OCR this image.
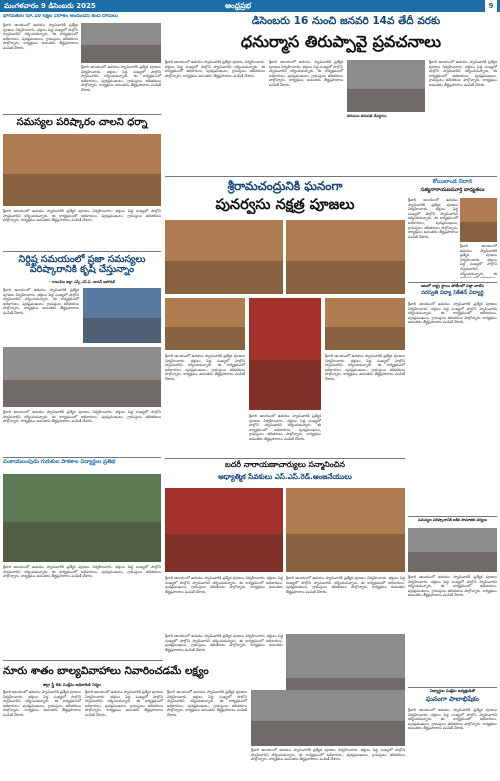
మంగళవారం 9 డిసెంబరు 2025	ఆంధ్రప్రభ	9
భాగవతుల రూ.10 లక్షల విరాళం అందించిన కంచి దాసులు
శ్రీవారి ఆలయంలో ఉదయం స్వామివారికి ప్రత్యేక పూజలు నిర్వహించారు. భక్తులు పెద్ద సంఖ్యలో పాల్గొని స్వామివారిని దర్శించుకున్నారు. ఈ కార్యక్రమంలో అధికారులు, పురప్రముఖులు, గ్రామస్తులు తదితరులు పాల్గొన్నారు. కార్యక్రమం అనంతరం తీర్థప్రసాదాలు పంపిణీ చేశారు.
శ్రీవారి ఆలయంలో ఉదయం స్వామివారికి ప్రత్యేక పూజలు నిర్వహించారు. భక్తులు పెద్ద సంఖ్యలో పాల్గొని స్వామివారిని దర్శించుకున్నారు. ఈ కార్యక్రమంలో అధికారులు, పురప్రముఖులు, గ్రామస్తులు తదితరులు పాల్గొన్నారు. కార్యక్రమం అనంతరం తీర్థప్రసాదాలు పంపిణీ చేశారు.
సమస్యల పరిష్కారం చాలని ధర్నా
శ్రీవారి ఆలయంలో ఉదయం స్వామివారికి ప్రత్యేక పూజలు నిర్వహించారు. భక్తులు పెద్ద సంఖ్యలో పాల్గొని స్వామివారిని దర్శించుకున్నారు. ఈ కార్యక్రమంలో అధికారులు, పురప్రముఖులు, గ్రామస్తులు తదితరులు పాల్గొన్నారు. కార్యక్రమం అనంతరం తీర్థప్రసాదాలు పంపిణీ చేశారు.
నిర్దిష్ట సమయంలో ప్రజా సమస్యలు పరిష్కారానికి కృషి చేస్తున్నాం
- రాజంపేట జిల్లా ఎస్పీ ఎస్.వి. జాదవ్ ఆపోదిబ్
శ్రీవారి ఆలయంలో ఉదయం స్వామివారికి ప్రత్యేక పూజలు నిర్వహించారు. భక్తులు పెద్ద సంఖ్యలో పాల్గొని స్వామివారిని దర్శించుకున్నారు. ఈ కార్యక్రమంలో అధికారులు, పురప్రముఖులు, గ్రామస్తులు తదితరులు పాల్గొన్నారు. కార్యక్రమం అనంతరం తీర్థప్రసాదాలు పంపిణీ చేశారు.
శ్రీవారి ఆలయంలో ఉదయం స్వామివారికి ప్రత్యేక పూజలు నిర్వహించారు. భక్తులు పెద్ద సంఖ్యలో పాల్గొని స్వామివారిని దర్శించుకున్నారు. ఈ కార్యక్రమంలో అధికారులు, పురప్రముఖులు, గ్రామస్తులు తదితరులు పాల్గొన్నారు. కార్యక్రమం అనంతరం తీర్థప్రసాదాలు పంపిణీ చేశారు.
వంకాయలంపుడు గురుకుల పాఠశాల విద్యార్థుల ప్రతిభ
శ్రీవారి ఆలయంలో ఉదయం స్వామివారికి ప్రత్యేక పూజలు నిర్వహించారు. భక్తులు పెద్ద సంఖ్యలో పాల్గొని స్వామివారిని దర్శించుకున్నారు. ఈ కార్యక్రమంలో అధికారులు, పురప్రముఖులు, గ్రామస్తులు తదితరులు పాల్గొన్నారు. కార్యక్రమం అనంతరం తీర్థప్రసాదాలు పంపిణీ చేశారు.
డిసెంబరు 16 నుంచి జనవరి 14వ తేదీ వరకు
ధనుర్మాస తిరుప్పావై ప్రవచనాలు
శ్రీవారి ఆలయంలో ఉదయం స్వామివారికి ప్రత్యేక పూజలు నిర్వహించారు. భక్తులు పెద్ద సంఖ్యలో పాల్గొని స్వామివారిని దర్శించుకున్నారు. ఈ కార్యక్రమంలో అధికారులు, పురప్రముఖులు, గ్రామస్తులు తదితరులు పాల్గొన్నారు. కార్యక్రమం అనంతరం తీర్థప్రసాదాలు పంపిణీ చేశారు.
శ్రీవారి ఆలయంలో ఉదయం స్వామివారికి ప్రత్యేక పూజలు నిర్వహించారు. భక్తులు పెద్ద సంఖ్యలో పాల్గొని స్వామివారిని దర్శించుకున్నారు. ఈ కార్యక్రమంలో అధికారులు, పురప్రముఖులు, గ్రామస్తులు తదితరులు పాల్గొన్నారు. కార్యక్రమం అనంతరం తీర్థప్రసాదాలు పంపిణీ చేశారు.
తిరుమల తిరుపతి దేవస్థానం
శ్రీవారి ఆలయంలో ఉదయం స్వామివారికి ప్రత్యేక పూజలు నిర్వహించారు. భక్తులు పెద్ద సంఖ్యలో పాల్గొని స్వామివారిని దర్శించుకున్నారు. ఈ కార్యక్రమంలో అధికారులు, పురప్రముఖులు, గ్రామస్తులు తదితరులు పాల్గొన్నారు. కార్యక్రమం అనంతరం తీర్థప్రసాదాలు పంపిణీ చేశారు.
శ్రీరామచంద్రునికి ఘనంగా
పునర్వసు నక్షత్ర పూజలు
శ్రీవారి ఆలయంలో ఉదయం స్వామివారికి ప్రత్యేక పూజలు నిర్వహించారు. భక్తులు పెద్ద సంఖ్యలో పాల్గొని స్వామివారిని దర్శించుకున్నారు. ఈ కార్యక్రమంలో అధికారులు, పురప్రముఖులు, గ్రామస్తులు తదితరులు పాల్గొన్నారు. కార్యక్రమం అనంతరం తీర్థప్రసాదాలు పంపిణీ చేశారు.
శ్రీవారి ఆలయంలో ఉదయం స్వామివారికి ప్రత్యేక పూజలు నిర్వహించారు. భక్తులు పెద్ద సంఖ్యలో పాల్గొని స్వామివారిని దర్శించుకున్నారు. ఈ కార్యక్రమంలో అధికారులు, పురప్రముఖులు, గ్రామస్తులు తదితరులు పాల్గొన్నారు. కార్యక్రమం అనంతరం తీర్థప్రసాదాలు పంపిణీ చేశారు.
శ్రీవారి ఆలయంలో ఉదయం స్వామివారికి ప్రత్యేక పూజలు నిర్వహించారు. భక్తులు పెద్ద సంఖ్యలో పాల్గొని స్వామివారిని దర్శించుకున్నారు. ఈ కార్యక్రమంలో అధికారులు, పురప్రముఖులు, గ్రామస్తులు తదితరులు పాల్గొన్నారు. కార్యక్రమం అనంతరం తీర్థప్రసాదాలు పంపిణీ చేశారు.
బదరీ నారాయణాచార్యులు సన్మానించిన
ఆధ్యాత్మిక సేవకులు ఎస్.ఎస్.రెడ్.ఆంజనేయులు
శ్రీవారి ఆలయంలో ఉదయం స్వామివారికి ప్రత్యేక పూజలు నిర్వహించారు. భక్తులు పెద్ద సంఖ్యలో పాల్గొని స్వామివారిని దర్శించుకున్నారు. ఈ కార్యక్రమంలో అధికారులు, పురప్రముఖులు, గ్రామస్తులు తదితరులు పాల్గొన్నారు. కార్యక్రమం అనంతరం తీర్థప్రసాదాలు పంపిణీ చేశారు.
శ్రీవారి ఆలయంలో ఉదయం స్వామివారికి ప్రత్యేక పూజలు నిర్వహించారు. భక్తులు పెద్ద సంఖ్యలో పాల్గొని స్వామివారిని దర్శించుకున్నారు. ఈ కార్యక్రమంలో అధికారులు, పురప్రముఖులు, గ్రామస్తులు తదితరులు పాల్గొన్నారు. కార్యక్రమం అనంతరం తీర్థప్రసాదాలు పంపిణీ చేశారు.
శ్రీవారి ఆలయంలో ఉదయం స్వామివారికి ప్రత్యేక పూజలు నిర్వహించారు. భక్తులు పెద్ద సంఖ్యలో పాల్గొని స్వామివారిని దర్శించుకున్నారు. ఈ కార్యక్రమంలో అధికారులు, పురప్రముఖులు, గ్రామస్తులు తదితరులు పాల్గొన్నారు. కార్యక్రమం అనంతరం తీర్థప్రసాదాలు పంపిణీ చేశారు.
కోయిలాండ నిదాన
సత్యనారాయణమూర్తి బాధ్యతలు
శ్రీవారి ఆలయంలో ఉదయం స్వామివారికి ప్రత్యేక పూజలు నిర్వహించారు. భక్తులు పెద్ద సంఖ్యలో పాల్గొని స్వామివారిని దర్శించుకున్నారు. ఈ కార్యక్రమంలో అధికారులు, పురప్రముఖులు, గ్రామస్తులు తదితరులు పాల్గొన్నారు. కార్యక్రమం అనంతరం తీర్థప్రసాదాలు పంపిణీ చేశారు.
శ్రీవారి ఆలయంలో ఉదయం స్వామివారికి ప్రత్యేక పూజలు నిర్వహించారు. భక్తులు పెద్ద సంఖ్యలో పాల్గొని స్వామివారిని దర్శించుకున్నారు. ఈ
ఆటలో రాష్ట్ర స్థాయి పోటీలలో సత్తా చాటిన
సరస్వతి విద్యా నికేతన్ విద్యార్థి
శ్రీవారి ఆలయంలో ఉదయం స్వామివారికి ప్రత్యేక పూజలు నిర్వహించారు. భక్తులు పెద్ద సంఖ్యలో పాల్గొని స్వామివారిని దర్శించుకున్నారు. ఈ కార్యక్రమంలో అధికారులు, పురప్రముఖులు, గ్రామస్తులు తదితరులు పాల్గొన్నారు. కార్యక్రమం అనంతరం తీర్థప్రసాదాలు పంపిణీ చేశారు.
సమస్యల పరిష్కారానికి ఐకిక సామాజిక చర్యలు
శ్రీవారి ఆలయంలో ఉదయం స్వామివారికి ప్రత్యేక పూజలు నిర్వహించారు. భక్తులు పెద్ద సంఖ్యలో పాల్గొని స్వామివారిని దర్శించుకున్నారు. ఈ కార్యక్రమంలో అధికారులు, పురప్రముఖులు, గ్రామస్తులు తదితరులు పాల్గొన్నారు. కార్యక్రమం అనంతరం తీర్థప్రసాదాలు పంపిణీ చేశారు.
విద్యార్థుల సంక్షేమ అధ్యక్షుడితో
ఘనంగా పాలాభిషేకం
శ్రీవారి ఆలయంలో ఉదయం స్వామివారికి ప్రత్యేక పూజలు నిర్వహించారు. భక్తులు పెద్ద సంఖ్యలో పాల్గొని స్వామివారిని దర్శించుకున్నారు. ఈ కార్యక్రమంలో అధికారులు, పురప్రముఖులు, గ్రామస్తులు తదితరులు పాల్గొన్నారు. కార్యక్రమం అనంతరం తీర్థప్రసాదాలు పంపిణీ చేశారు.
నూరు శాతం బాల్యవివాహాలు నివారించడమే లక్ష్యం
జిల్లా స్త్రీ శిశు సంక్షేమ అధికారిణి నిర్మల
శ్రీవారి ఆలయంలో ఉదయం స్వామివారికి ప్రత్యేక పూజలు నిర్వహించారు. భక్తులు పెద్ద సంఖ్యలో పాల్గొని స్వామివారిని దర్శించుకున్నారు. ఈ కార్యక్రమంలో అధికారులు, పురప్రముఖులు, గ్రామస్తులు తదితరులు పాల్గొన్నారు. కార్యక్రమం అనంతరం తీర్థప్రసాదాలు పంపిణీ చేశారు.
శ్రీవారి ఆలయంలో ఉదయం స్వామివారికి ప్రత్యేక పూజలు నిర్వహించారు. భక్తులు పెద్ద సంఖ్యలో పాల్గొని స్వామివారిని దర్శించుకున్నారు. ఈ కార్యక్రమంలో అధికారులు, పురప్రముఖులు, గ్రామస్తులు తదితరులు పాల్గొన్నారు. కార్యక్రమం అనంతరం తీర్థప్రసాదాలు పంపిణీ చేశారు.
శ్రీవారి ఆలయంలో ఉదయం స్వామివారికి ప్రత్యేక పూజలు నిర్వహించారు. భక్తులు పెద్ద సంఖ్యలో పాల్గొని స్వామివారిని దర్శించుకున్నారు. ఈ కార్యక్రమంలో అధికారులు, పురప్రముఖులు, గ్రామస్తులు తదితరులు పాల్గొన్నారు. కార్యక్రమం అనంతరం తీర్థప్రసాదాలు పంపిణీ చేశారు.
శ్రీవారి ఆలయంలో ఉదయం స్వామివారికి ప్రత్యేక పూజలు నిర్వహించారు. భక్తులు పెద్ద సంఖ్యలో పాల్గొని స్వామివారిని దర్శించుకున్నారు. ఈ కార్యక్రమంలో అధికారులు, పురప్రముఖులు, గ్రామస్తులు తదితరులు పాల్గొన్నారు. కార్యక్రమం అనంతరం తీర్థప్రసాదాలు పంపిణీ చేశారు.
